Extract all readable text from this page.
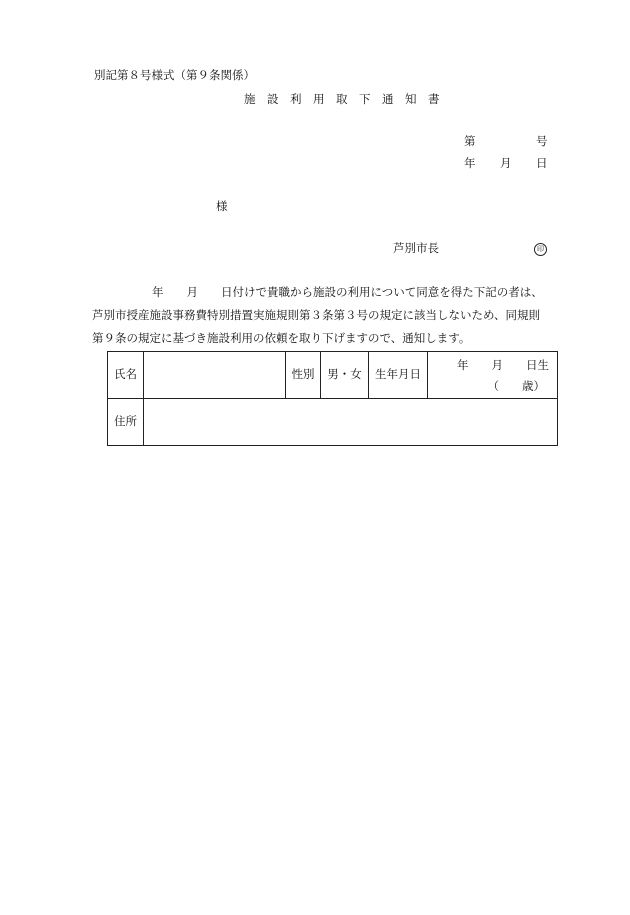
別記第８号様式（第９条関係）
施　設　利　用　取　下　通　知　書
第	号
年 月 日
様
芦別市長	印
年　　月　　日付けで貴職から施設の利用について同意を得た下記の者は、
芦別市授産施設事務費特別措置実施規則第３条第３号の規定に該当しないため、同規則
第９条の規定に基づき施設利用の依頼を取り下げますので、通知します。
氏名		性別	男・女	生年月日	年　　月　　日生
（　　歳）

住所					
